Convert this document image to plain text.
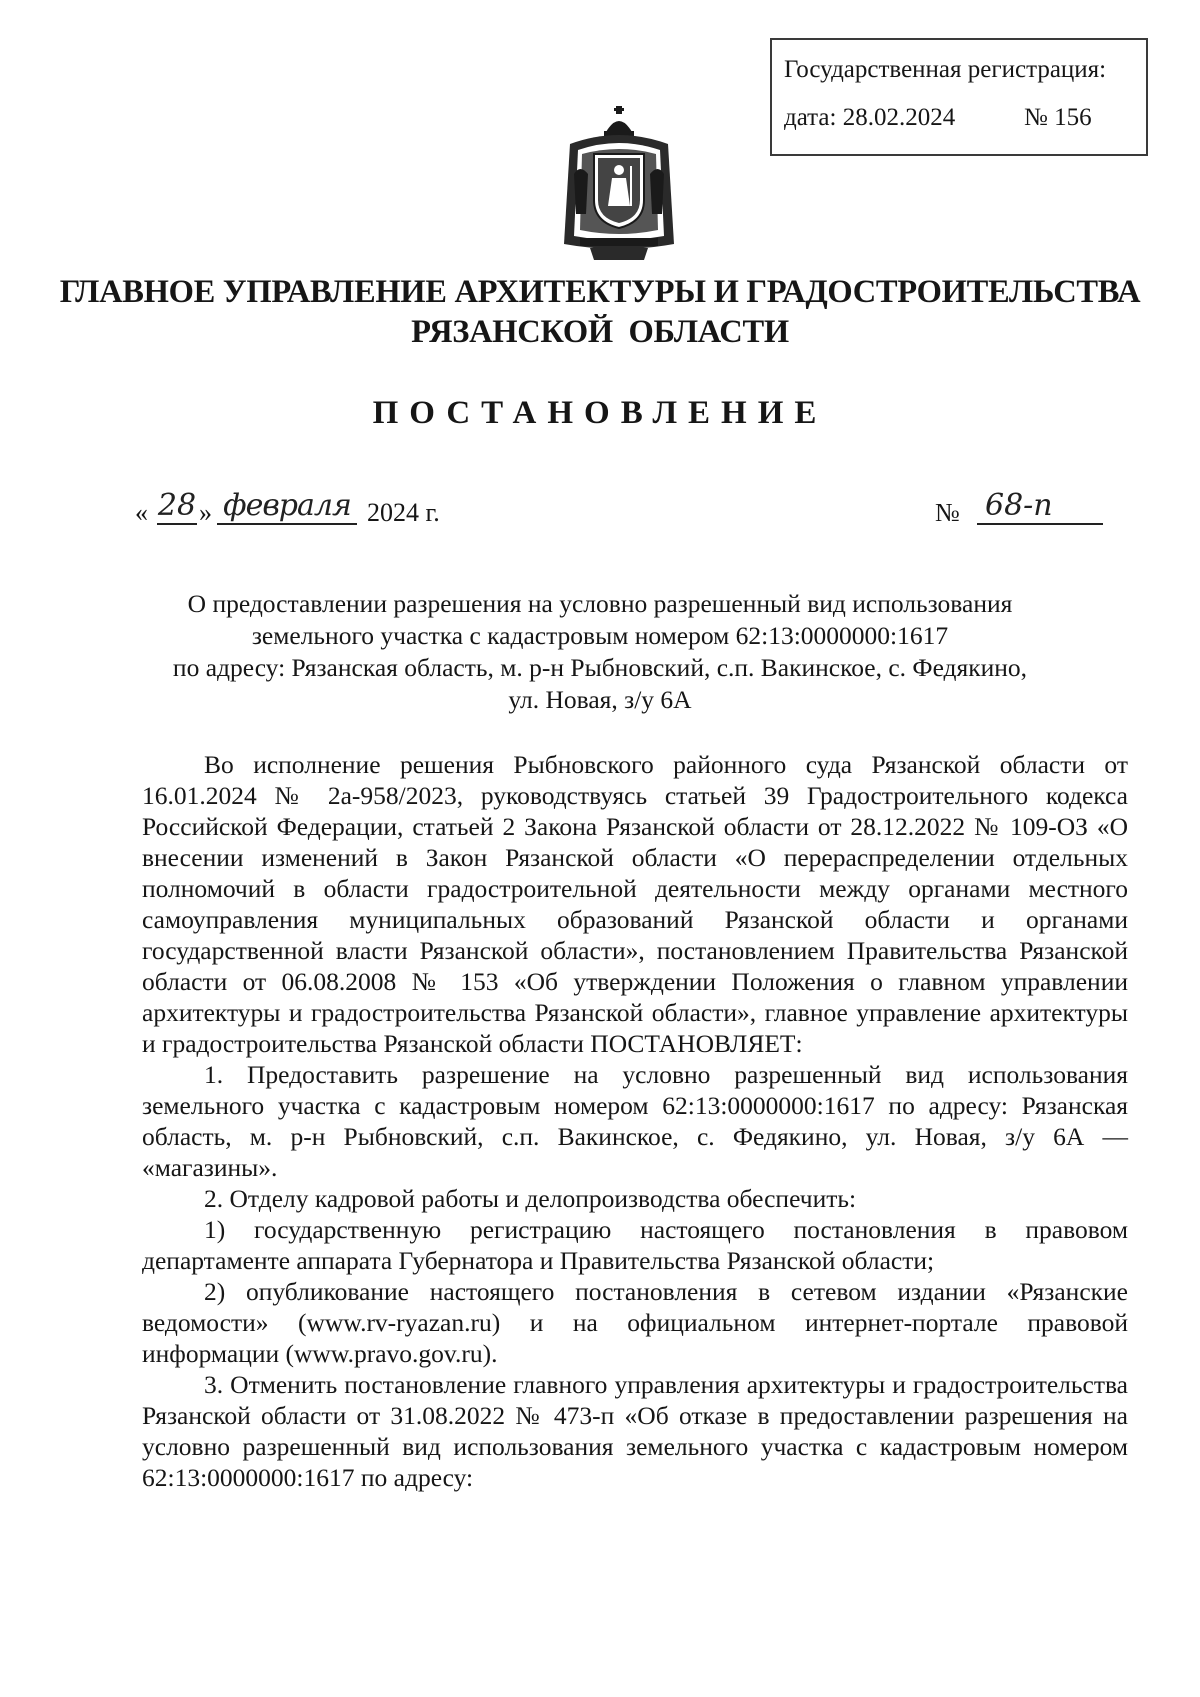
Государственная регистрация:
дата: 28.02.2024	№ 156
ГЛАВНОЕ УПРАВЛЕНИЕ АРХИТЕКТУРЫ И ГРАДОСТРОИТЕЛЬСТВА
РЯЗАНСКОЙ  ОБЛАСТИ
ПОСТАНОВЛЕНИЕ
« 28 » февраля 2024 г.	№ 68-п
О предоставлении разрешения на условно разрешенный вид использования
земельного участка с кадастровым номером 62:13:0000000:1617
по адресу: Рязанская область, м. р-н Рыбновский, с.п. Вакинское, с. Федякино,
ул. Новая, з/у 6А

Во исполнение решения Рыбновского районного суда Рязанской области от 16.01.2024 № 2а-958/2023, руководствуясь статьей 39 Градостроительного кодекса Российской Федерации, статьей 2 Закона Рязанской области от 28.12.2022 № 109-ОЗ «О внесении изменений в Закон Рязанской области «О перераспределении отдельных полномочий в области градостроительной деятельности между органами местного самоуправления муниципальных образований Рязанской области и органами государственной власти Рязанской области», постановлением Правительства Рязанской области от 06.08.2008 № 153 «Об утверждении Положения о главном управлении архитектуры и градостроительства Рязанской области», главное управление архитектуры и градостроительства Рязанской области ПОСТАНОВЛЯЕТ:

1. Предоставить разрешение на условно разрешенный вид использования земельного участка с кадастровым номером 62:13:0000000:1617 по адресу: Рязанская область, м. р-н Рыбновский, с.п. Вакинское, с. Федякино, ул. Новая, з/у 6А — «магазины».

2. Отделу кадровой работы и делопроизводства обеспечить:

1) государственную регистрацию настоящего постановления в правовом департаменте аппарата Губернатора и Правительства Рязанской области;

2) опубликование настоящего постановления в сетевом издании «Рязанские ведомости» (www.rv-ryazan.ru) и на официальном интернет-портале правовой информации (www.pravo.gov.ru).

3. Отменить постановление главного управления архитектуры и градостроительства Рязанской области от 31.08.2022 № 473-п «Об отказе в предоставлении разрешения на условно разрешенный вид использования земельного участка с кадастровым номером 62:13:0000000:1617 по адресу:
